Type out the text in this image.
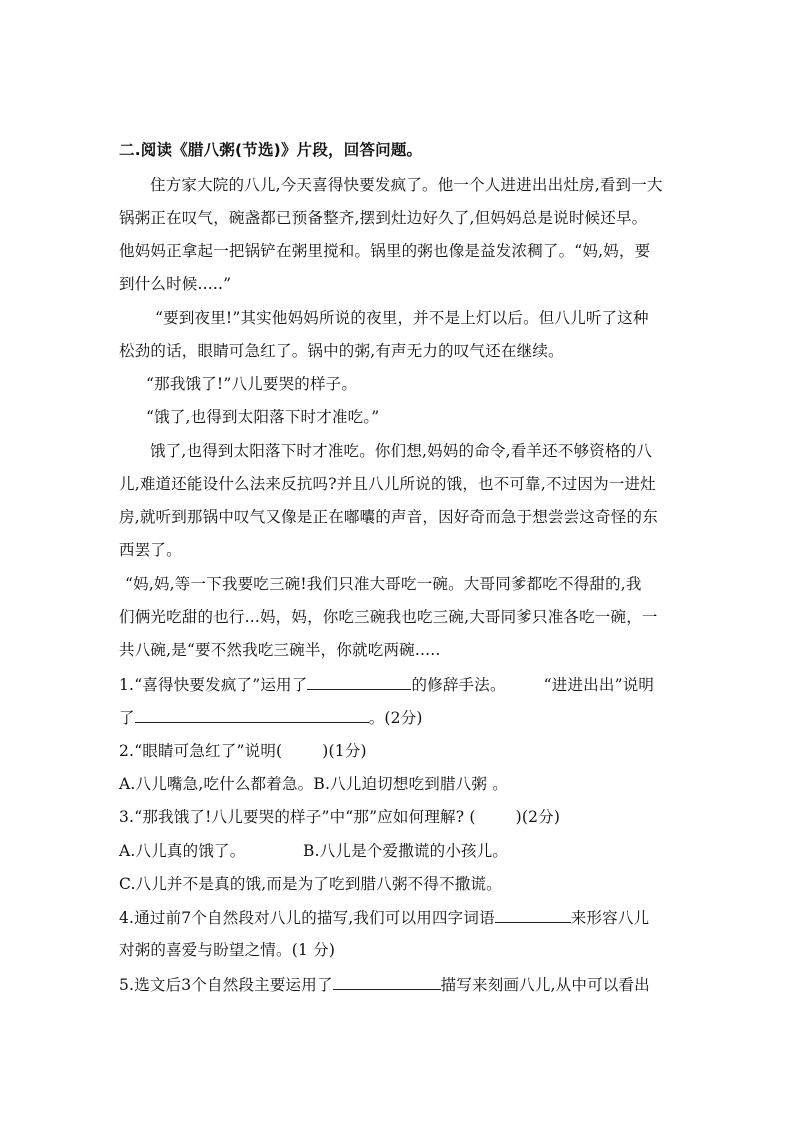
二.阅读《腊八粥(节选)》片段，回答问题。
住方家大院的八儿,今天喜得快要发疯了。他一个人进进出出灶房,看到一大
锅粥正在叹气，碗盏都已预备整齐,摆到灶边好久了,但妈妈总是说时候还早。
他妈妈正拿起一把锅铲在粥里搅和。锅里的粥也像是益发浓稠了。“妈,妈，要
到什么时候.....”
“要到夜里!”其实他妈妈所说的夜里，并不是上灯以后。但八儿听了这种
松劲的话，眼睛可急红了。锅中的粥,有声无力的叹气还在继续。
“那我饿了!”八儿要哭的样子。
“饿了,也得到太阳落下时才准吃。”
饿了,也得到太阳落下时才准吃。你们想,妈妈的命令,看羊还不够资格的八
儿,难道还能设什么法来反抗吗?并且八儿所说的饿，也不可靠,不过因为一进灶
房,就听到那锅中叹气又像是正在嘟囔的声音，因好奇而急于想尝尝这奇怪的东
西罢了。
“妈,妈,等一下我要吃三碗!我们只准大哥吃一碗。大哥同爹都吃不得甜的,我
们俩光吃甜的也行...妈，妈，你吃三碗我也吃三碗,大哥同爹只准各吃一碗，一
共八碗,是“要不然我吃三碗半，你就吃两碗.....
1.“喜得快要发疯了”运用了	的修辞手法。 “进进出出”说明
了	。(2分)
2.“眼睛可急红了”说明(	)(1分)
A.八儿嘴急,吃什么都着急。B.八儿迫切想吃到腊八粥 。
3.“那我饿了!八儿要哭的样子”中“那”应如何理解? (	)(2分)
A.八儿真的饿了。	B.八儿是个爱撒谎的小孩儿。
C.八儿并不是真的饿,而是为了吃到腊八粥不得不撒谎。
4.通过前7个自然段对八儿的描写,我们可以用四字词语	来形容八儿
对粥的喜爱与盼望之情。(1 分)
5.选文后3个自然段主要运用了	描写来刻画八儿,从中可以看出
